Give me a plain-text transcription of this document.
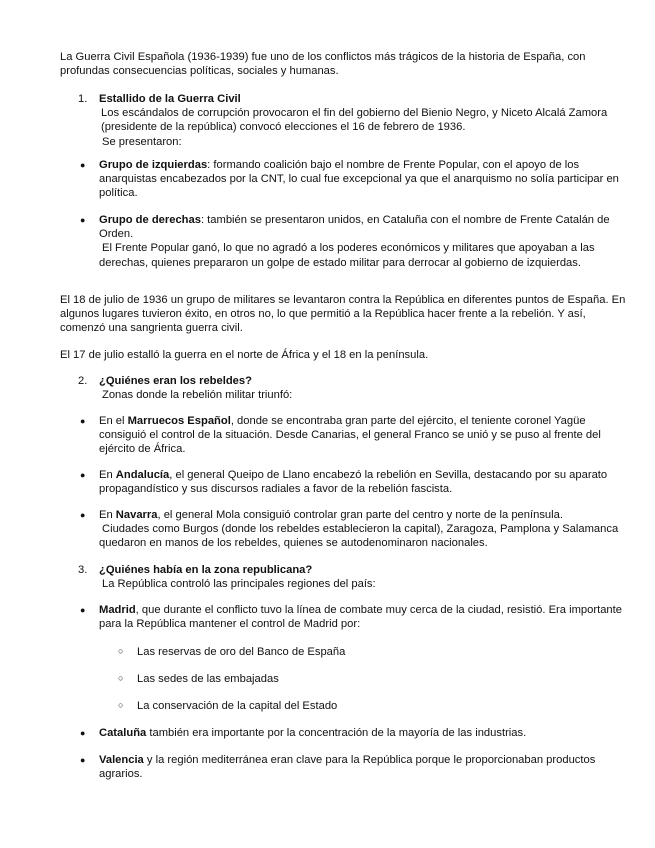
La Guerra Civil Española (1936-1939) fue uno de los conflictos más trágicos de la historia de España, con profundas consecuencias políticas, sociales y humanas.

1. Estallido de la Guerra Civil

Los escándalos de corrupción provocaron el fin del gobierno del Bienio Negro, y Niceto Alcalá Zamora (presidente de la república) convocó elecciones el 16 de febrero de 1936.

Se presentaron:

● Grupo de izquierdas: formando coalición bajo el nombre de Frente Popular, con el apoyo de los anarquistas encabezados por la CNT, lo cual fue excepcional ya que el anarquismo no solía participar en política.

● Grupo de derechas: también se presentaron unidos, en Cataluña con el nombre de Frente Catalán de Orden.

El Frente Popular ganó, lo que no agradó a los poderes económicos y militares que apoyaban a las derechas, quienes prepararon un golpe de estado militar para derrocar al gobierno de izquierdas.

El 18 de julio de 1936 un grupo de militares se levantaron contra la República en diferentes puntos de España. En algunos lugares tuvieron éxito, en otros no, lo que permitió a la República hacer frente a la rebelión. Y así, comenzó una sangrienta guerra civil.

El 17 de julio estalló la guerra en el norte de África y el 18 en la península.

2. ¿Quiénes eran los rebeldes?

Zonas donde la rebelión militar triunfó:

● En el Marruecos Español, donde se encontraba gran parte del ejército, el teniente coronel Yagüe consiguió el control de la situación. Desde Canarias, el general Franco se unió y se puso al frente del ejército de África.

● En Andalucía, el general Queipo de Llano encabezó la rebelión en Sevilla, destacando por su aparato propagandístico y sus discursos radiales a favor de la rebelión fascista.

● En Navarra, el general Mola consiguió controlar gran parte del centro y norte de la península.

Ciudades como Burgos (donde los rebeldes establecieron la capital), Zaragoza, Pamplona y Salamanca quedaron en manos de los rebeldes, quienes se autodenominaron nacionales.

3. ¿Quiénes había en la zona republicana?

La República controló las principales regiones del país:

● Madrid, que durante el conflicto tuvo la línea de combate muy cerca de la ciudad, resistió. Era importante para la República mantener el control de Madrid por:

○ Las reservas de oro del Banco de España
○ Las sedes de las embajadas
○ La conservación de la capital del Estado
● Cataluña también era importante por la concentración de la mayoría de las industrias.

● Valencia y la región mediterránea eran clave para la República porque le proporcionaban productos agrarios.
